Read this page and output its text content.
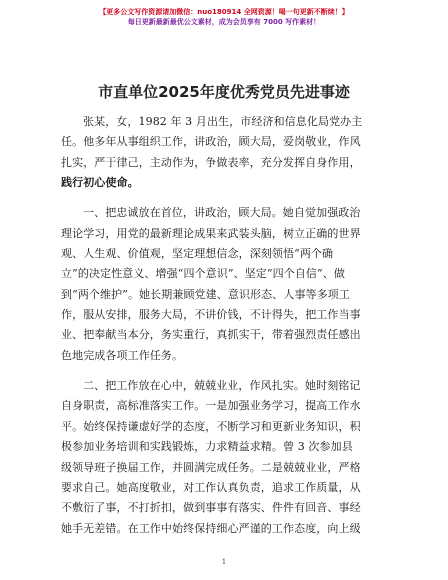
【更多公文写作资源请加微信：nuo180914 全网资源！喝一句更新不断续！】
每日更新最新最优公文素材，成为会员享有 7000 写作素材！
市直单位2025年度优秀党员先进事迹
张某，女，1982 年 3 月出生，市经济和信息化局党办主
任。他多年从事组织工作，讲政治，顾大局，爱岗敬业，作风
扎实，严于律己，主动作为，争做表率，充分发挥自身作用，
践行初心使命。
一、把忠诚放在首位，讲政治，顾大局。她自觉加强政治
理论学习，用党的最新理论成果来武装头脑，树立正确的世界
观、人生观、价值观，坚定理想信念，深刻领悟“两个确
立”的决定性意义、增强“四个意识”、坚定“四个自信”、做
到“两个维护”。她长期兼顾党建、意识形态、人事等多项工
作，服从安排，服务大局，不讲价钱，不计得失，把工作当事
业、把奉献当本分，务实重行，真抓实干，带着强烈责任感出
色地完成各项工作任务。
二、把工作放在心中，兢兢业业，作风扎实。她时刻铭记
自身职责，高标准落实工作。一是加强业务学习，提高工作水
平。始终保持谦虚好学的态度，不断学习和更新业务知识，积
极参加业务培训和实践锻炼，力求精益求精。曾 3 次参加县
级领导班子换届工作，并圆满完成任务。二是兢兢业业，严格
要求自己。她高度敬业，对工作认真负责，追求工作质量，从
不敷衍了事，不打折扣，做到事事有落实、件件有回音、事经
她手无差错。在工作中始终保持细心严谨的工作态度，向上级
1
